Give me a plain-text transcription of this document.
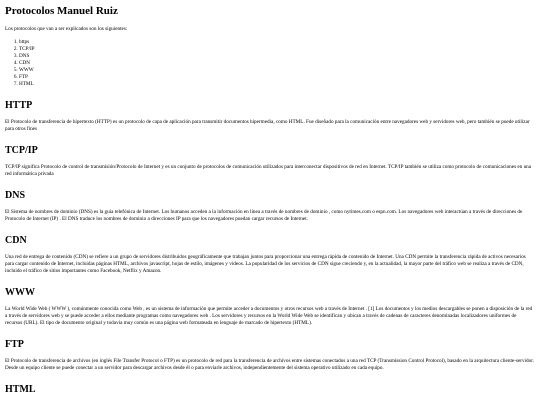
Protocolos Manuel Ruiz

Los protocolos que van a ser explicados son los siguientes:

1. https
2. TCP/IP
3. DNS
4. CDN
5. WWW
6. FTP
7. HTML
HTTP

El Protocolo de transferencia de hipertexto (HTTP) es un protocolo de capa de aplicación para transmitir documentos hipermedia, como HTML. Fue diseñado para la comunicación entre navegadores web y servidores web, pero también se puede utilizar para otros fines

TCP/IP

TCP/IP significa Protocolo de control de transmisión/Protocolo de Internet y es un conjunto de protocolos de comunicación utilizados para interconectar dispositivos de red en Internet. TCP/IP también se utiliza como protocolo de comunicaciones en una red informática privada

DNS

El Sistema de nombres de dominio (DNS) es la guía telefónica de Internet. Los humanos acceden a la información en línea a través de nombres de dominio , como nytimes.com o espn.com. Los navegadores web interactúan a través de direcciones de Protocolo de Internet (IP) . El DNS traduce los nombres de dominio a direcciones IP para que los navegadores puedan cargar recursos de Internet.

CDN

Una red de entrega de contenido (CDN) se refiere a un grupo de servidores distribuidos geográficamente que trabajan juntos para proporcionar una entrega rápida de contenido de Internet. Una CDN permite la transferencia rápida de activos necesarios para cargar contenido de Internet, incluidas páginas HTML, archivos javascript, hojas de estilo, imágenes y videos. La popularidad de los servicios de CDN sigue creciendo y, en la actualidad, la mayor parte del tráfico web se realiza a través de CDN, incluido el tráfico de sitios importantes como Facebook, Netflix y Amazon.

WWW

La World Wide Web ( WWW ), comúnmente conocida como Web , es un sistema de información que permite acceder a documentos y otros recursos web a través de Internet . [1] Los documentos y los medios descargables se ponen a disposición de la red a través de servidores web y se puede acceder a ellos mediante programas como navegadores web . Los servidores y recursos en la World Wide Web se identifican y ubican a través de cadenas de caracteres denominadas localizadores uniformes de recursos (URL). El tipo de documento original y todavía muy común es una página web formateada en lenguaje de marcado de hipertexto (HTML).

FTP

El Protocolo de transferencia de archivos (en inglés File Transfer Protocol o FTP) es un protocolo de red para la transferencia de archivos entre sistemas conectados a una red TCP (Transmission Control Protocol), basado en la arquitectura cliente-servidor. Desde un equipo cliente se puede conectar a un servidor para descargar archivos desde él o para enviarle archivos, independientemente del sistema operativo utilizado en cada equipo.

HTML
